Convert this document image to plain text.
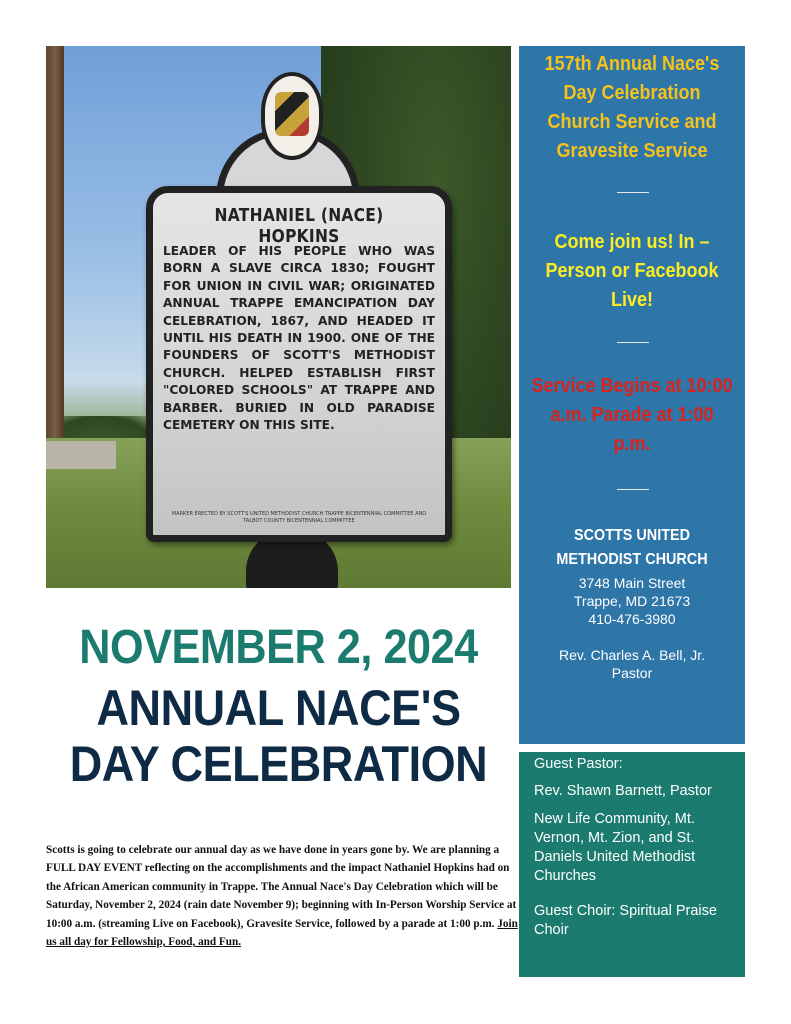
NATHANIEL (NACE) HOPKINS
LEADER OF HIS PEOPLE WHO WAS BORN A SLAVE CIRCA 1830; FOUGHT FOR UNION IN CIVIL WAR; ORIGINATED ANNUAL TRAPPE EMANCIPATION DAY CELEBRATION, 1867, AND HEADED IT UNTIL HIS DEATH IN 1900. ONE OF THE FOUNDERS OF SCOTT'S METHODIST CHURCH. HELPED ESTABLISH FIRST "COLORED SCHOOLS" AT TRAPPE AND BARBER. BURIED IN OLD PARADISE CEMETERY ON THIS SITE.
MARKER ERECTED BY SCOTT'S UNITED METHODIST CHURCH TRAPPE BICENTENNIAL COMMITTEE AND TALBOT COUNTY BICENTENNIAL COMMITTEE
157th Annual Nace's Day Celebration Church Service and Gravesite Service
Come join us! In – Person or Facebook Live!
Service Begins at 10:00 a.m. Parade at 1:00 p.m.
SCOTTS UNITED METHODIST CHURCH
3748 Main Street
Trappe, MD 21673
410-476-3980
Rev. Charles A. Bell, Jr.
Pastor

Guest Pastor:

Rev. Shawn Barnett, Pastor

New Life Community, Mt. Vernon, Mt. Zion, and St. Daniels United Methodist Churches

Guest Choir: Spiritual Praise Choir

NOVEMBER 2, 2024
ANNUAL NACE'S DAY CELEBRATION
Scotts is going to celebrate our annual day as we have done in years gone by. We are planning a FULL DAY EVENT reflecting on the accomplishments and the impact Nathaniel Hopkins had on the African American community in Trappe. The Annual Nace's Day Celebration which will be Saturday, November 2, 2024 (rain date November 9); beginning with In-Person Worship Service at 10:00 a.m. (streaming Live on Facebook), Gravesite Service, followed by a parade at 1:00 p.m. Join us all day for Fellowship, Food, and Fun.
